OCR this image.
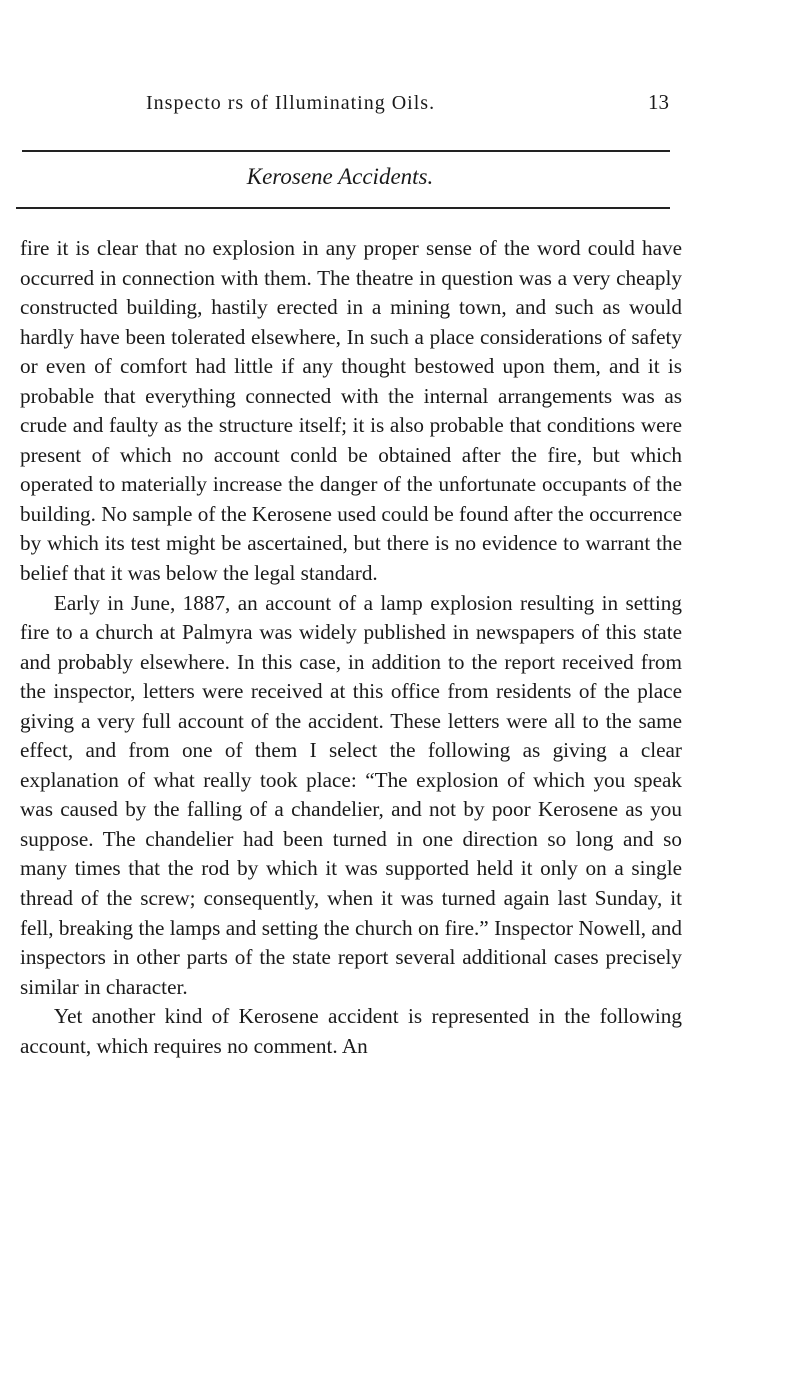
Inspecto rs of Illuminating Oils.	13
Kerosene Accidents.

fire it is clear that no explosion in any proper sense of the word could have occurred in connection with them. The theatre in question was a very cheaply constructed building, hastily erected in a mining town, and such as would hardly have been tolerated elsewhere, In such a place considerations of safety or even of comfort had little if any thought bestowed upon them, and it is probable that everything connected with the internal arrangements was as crude and faulty as the structure itself; it is also probable that conditions were present of which no account conld be obtained after the fire, but which operated to materially increase the danger of the unfortunate occupants of the building. No sample of the Kerosene used could be found after the occurrence by which its test might be ascertained, but there is no evidence to warrant the belief that it was below the legal standard.

Early in June, 1887, an account of a lamp explosion resulting in setting fire to a church at Palmyra was widely published in newspapers of this state and probably elsewhere. In this case, in addition to the report received from the inspector, letters were received at this office from residents of the place giving a very full account of the accident. These letters were all to the same effect, and from one of them I select the following as giving a clear explanation of what really took place: “The explosion of which you speak was caused by the falling of a chandelier, and not by poor Kerosene as you suppose. The chandelier had been turned in one direction so long and so many times that the rod by which it was supported held it only on a single thread of the screw; consequently, when it was turned again last Sunday, it fell, breaking the lamps and setting the church on fire.” Inspector Nowell, and inspectors in other parts of the state report several additional cases precisely similar in character.

Yet another kind of Kerosene accident is represented in the following account, which requires no comment. An
